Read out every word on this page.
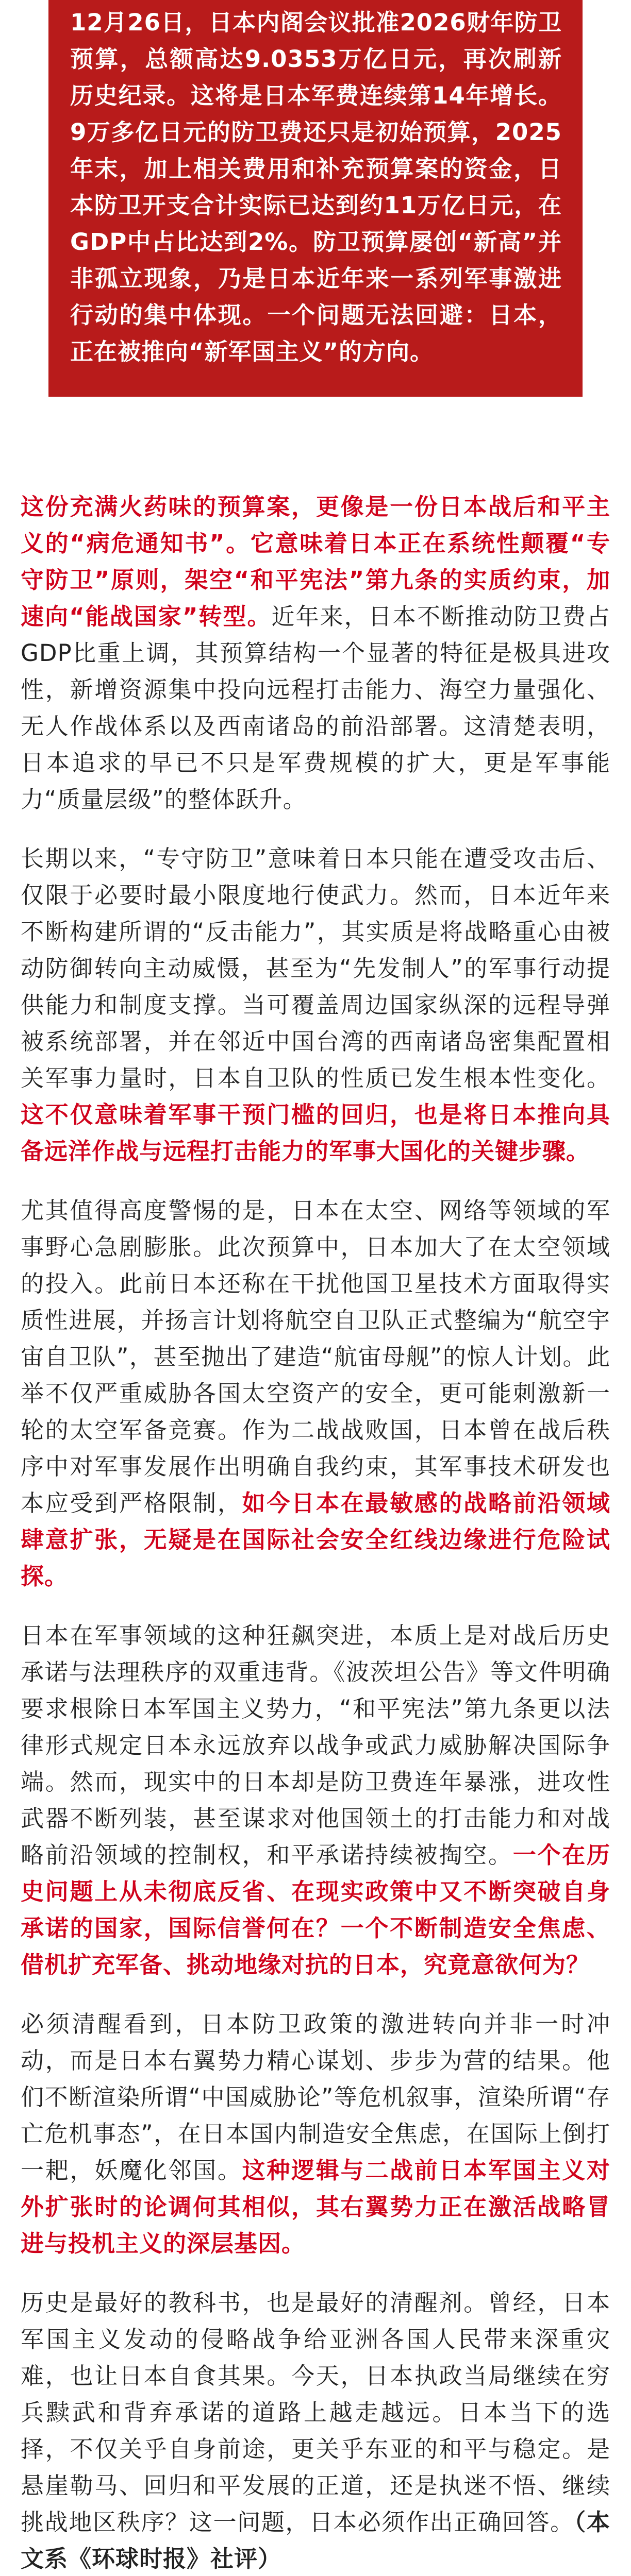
12月26日，日本内阁会议批准2026财年防卫预算，总额高达9.0353万亿日元，再次刷新历史纪录。这将是日本军费连续第14年增长。9万多亿日元的防卫费还只是初始预算，2025年末，加上相关费用和补充预算案的资金，日本防卫开支合计实际已达到约11万亿日元，在GDP中占比达到2%。防卫预算屡创“新高”并非孤立现象，乃是日本近年来一系列军事激进行动的集中体现。一个问题无法回避：日本，正在被推向“新军国主义”的方向。

这份充满火药味的预算案，更像是一份日本战后和平主义的“病危通知书”。它意味着日本正在系统性颠覆“专守防卫”原则，架空“和平宪法”第九条的实质约束，加速向“能战国家”转型。近年来，日本不断推动防卫费占GDP比重上调，其预算结构一个显著的特征是极具进攻性，新增资源集中投向远程打击能力、海空力量强化、无人作战体系以及西南诸岛的前沿部署。这清楚表明，日本追求的早已不只是军费规模的扩大，更是军事能力“质量层级”的整体跃升。

长期以来，“专守防卫”意味着日本只能在遭受攻击后、仅限于必要时最小限度地行使武力。然而，日本近年来不断构建所谓的“反击能力”，其实质是将战略重心由被动防御转向主动威慑，甚至为“先发制人”的军事行动提供能力和制度支撑。当可覆盖周边国家纵深的远程导弹被系统部署，并在邻近中国台湾的西南诸岛密集配置相关军事力量时，日本自卫队的性质已发生根本性变化。这不仅意味着军事干预门槛的回归，也是将日本推向具备远洋作战与远程打击能力的军事大国化的关键步骤。

尤其值得高度警惕的是，日本在太空、网络等领域的军事野心急剧膨胀。此次预算中，日本加大了在太空领域的投入。此前日本还称在干扰他国卫星技术方面取得实质性进展，并扬言计划将航空自卫队正式整编为“航空宇宙自卫队”，甚至抛出了建造“航宙母舰”的惊人计划。此举不仅严重威胁各国太空资产的安全，更可能刺激新一轮的太空军备竞赛。作为二战战败国，日本曾在战后秩序中对军事发展作出明确自我约束，其军事技术研发也本应受到严格限制，如今日本在最敏感的战略前沿领域肆意扩张，无疑是在国际社会安全红线边缘进行危险试探。

日本在军事领域的这种狂飙突进，本质上是对战后历史承诺与法理秩序的双重违背。《波茨坦公告》等文件明确要求根除日本军国主义势力，“和平宪法”第九条更以法律形式规定日本永远放弃以战争或武力威胁解决国际争端。然而，现实中的日本却是防卫费连年暴涨，进攻性武器不断列装，甚至谋求对他国领土的打击能力和对战略前沿领域的控制权，和平承诺持续被掏空。一个在历史问题上从未彻底反省、在现实政策中又不断突破自身承诺的国家，国际信誉何在？一个不断制造安全焦虑、借机扩充军备、挑动地缘对抗的日本，究竟意欲何为？

必须清醒看到，日本防卫政策的激进转向并非一时冲动，而是日本右翼势力精心谋划、步步为营的结果。他们不断渲染所谓“中国威胁论”等危机叙事，渲染所谓“存亡危机事态”，在日本国内制造安全焦虑，在国际上倒打一耙，妖魔化邻国。这种逻辑与二战前日本军国主义对外扩张时的论调何其相似，其右翼势力正在激活战略冒进与投机主义的深层基因。

历史是最好的教科书，也是最好的清醒剂。曾经，日本军国主义发动的侵略战争给亚洲各国人民带来深重灾难，也让日本自食其果。今天，日本执政当局继续在穷兵黩武和背弃承诺的道路上越走越远。日本当下的选择，不仅关乎自身前途，更关乎东亚的和平与稳定。是悬崖勒马、回归和平发展的正道，还是执迷不悟、继续挑战地区秩序？这一问题，日本必须作出正确回答。（本文系《环球时报》社评）
